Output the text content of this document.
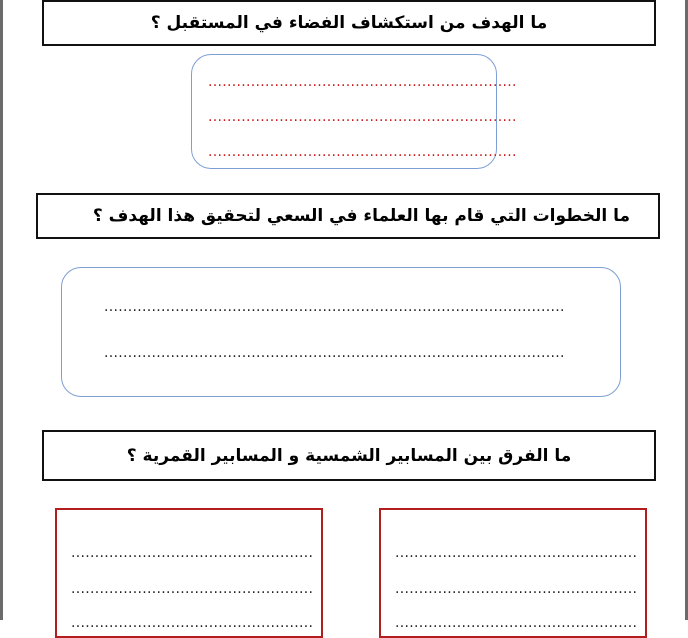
ما الهدف من استكشاف الفضاء في المستقبل ؟
.................................................................
.................................................................
.................................................................
ما الخطوات التي قام بها العلماء في السعي لتحقيق هذا الهدف ؟
.................................................................................................
.................................................................................................
ما الفرق بين المسابير الشمسية و المسابير القمرية ؟
...................................................
...................................................
...................................................
...................................................
...................................................
...................................................
